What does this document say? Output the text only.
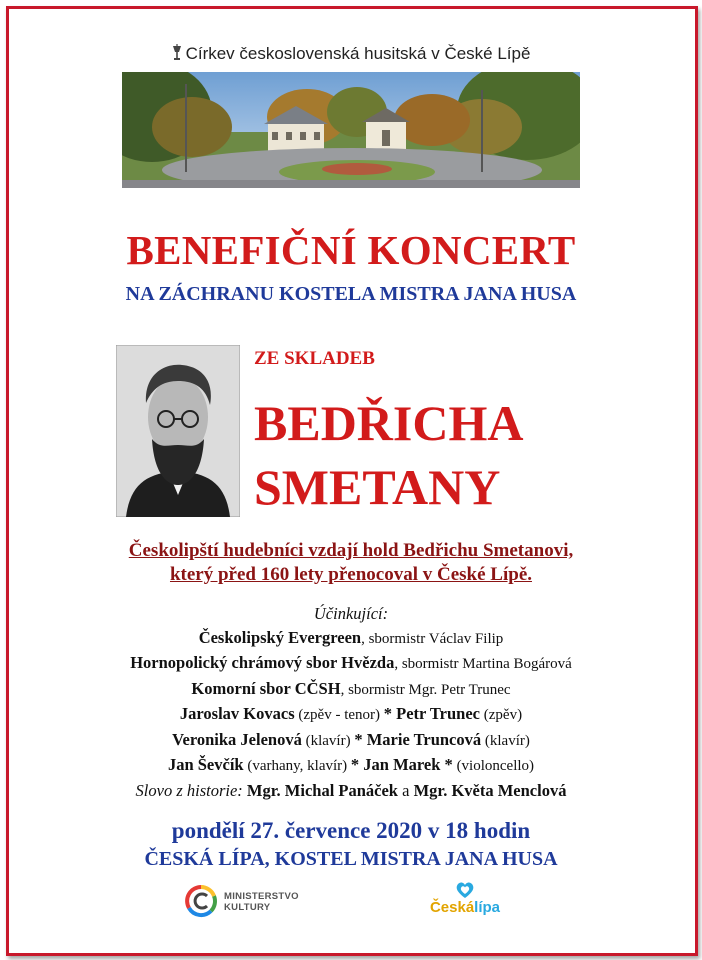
Církev československá husitská v České Lípě
BENEFIČNÍ KONCERT
NA ZÁCHRANU KOSTELA MISTRA JANA HUSA
ZE SKLADEB
BEDŘICHA
SMETANY
Českolipští hudebníci vzdají hold Bedřichu Smetanovi,
který před 160 lety přenocoval v České Lípě.
Účinkující:
Českolipský Evergreen, sbormistr Václav Filip
Hornopolický chrámový sbor Hvězda, sbormistr Martina Bogárová
Komorní sbor CČSH, sbormistr Mgr. Petr Trunec
Jaroslav Kovacs (zpěv - tenor) * Petr Trunec (zpěv)
Veronika Jelenová (klavír) * Marie Truncová (klavír)
Jan Ševčík (varhany, klavír) * Jan Marek * (violoncello)
Slovo z historie: Mgr. Michal Panáček a Mgr. Květa Menclová
pondělí 27. července 2020 v 18 hodin
ČESKÁ LÍPA, KOSTEL MISTRA JANA HUSA
MINISTERSTVO
KULTURY	Českálípa
